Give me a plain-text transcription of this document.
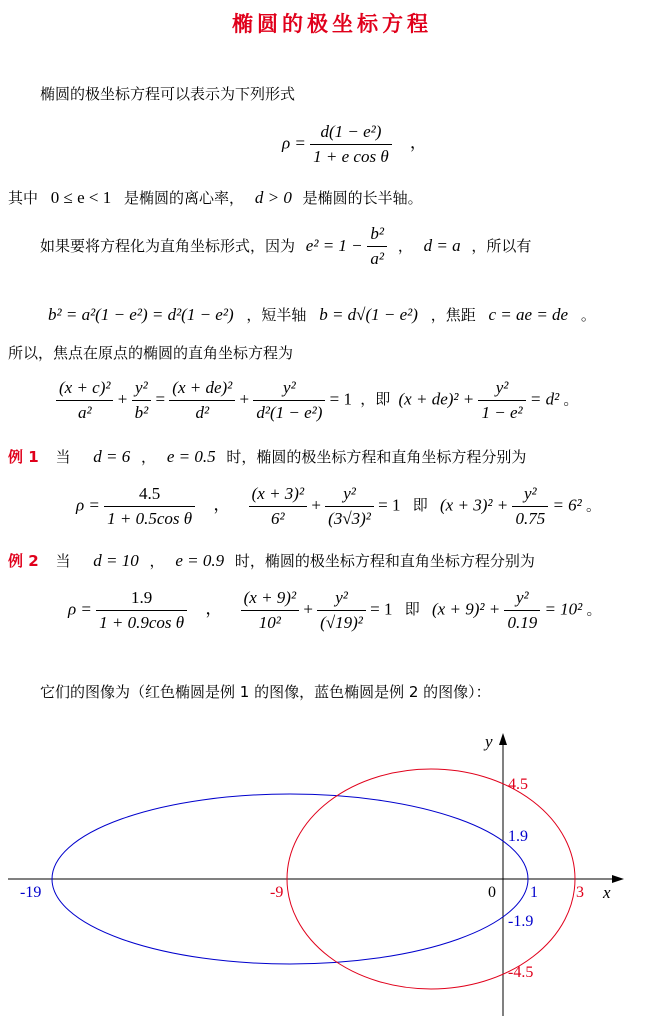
椭圆的极坐标方程
椭圆的极坐标方程可以表示为下列形式
$\rho = \frac{\text{d(1 − e²)}}{\text{1 + e cos θ}}$ ，
其中 0 ≤ e < 1 是椭圆的离心率， d > 0 是椭圆的长半轴。
如果要将方程化为直角坐标形式，因为 $e^2 = 1 - \frac{\text{b²}}{\text{a²}}$ ， d = a ，所以有
b² = a²(1 − e²) = d²(1 − e²) ，短半轴 b = d√(1 − e²) ，焦距 c = ae = de 。
所以，焦点在原点的椭圆的直角坐标方程为
$\frac{\text{(x + c)²}}{\text{a²}} + \frac{\text{y²}}{\text{b²}} = \frac{\text{(x + de)²}}{\text{d²}} + \frac{\text{y²}}{\text{d²(1 − e²)}} = 1$ ，即 $(x + de)^2 + \frac{\text{y²}}{\text{1 − e²}} = d^2$ 。
例 1 当 d = 6 ， e = 0.5 时，椭圆的极坐标方程和直角坐标方程分别为
$\rho = \frac{4.5}{\text{1 + 0.5cos θ}}$ ， $\frac{\text{(x + 3)²}}{\text{6²}} + \frac{\text{y²}}{\text{(3√3)²}} = 1$ 即 $(x + 3)^2 + \frac{\text{y²}}{0.75} = 6^2$ 。
例 2 当 d = 10 ， e = 0.9 时，椭圆的极坐标方程和直角坐标方程分别为
$\rho = \frac{1.9}{\text{1 + 0.9cos θ}}$ ， $\frac{\text{(x + 9)²}}{\text{10²}} + \frac{\text{y²}}{\text{(√19)²}} = 1$ 即 $(x + 9)^2 + \frac{\text{y²}}{0.19} = 10^2$ 。
它们的图像为（红色椭圆是例 1 的图像，蓝色椭圆是例 2 的图像）：
x
y
0
-19	1
1.9
-1.9
-9	3
4.5
-4.5
